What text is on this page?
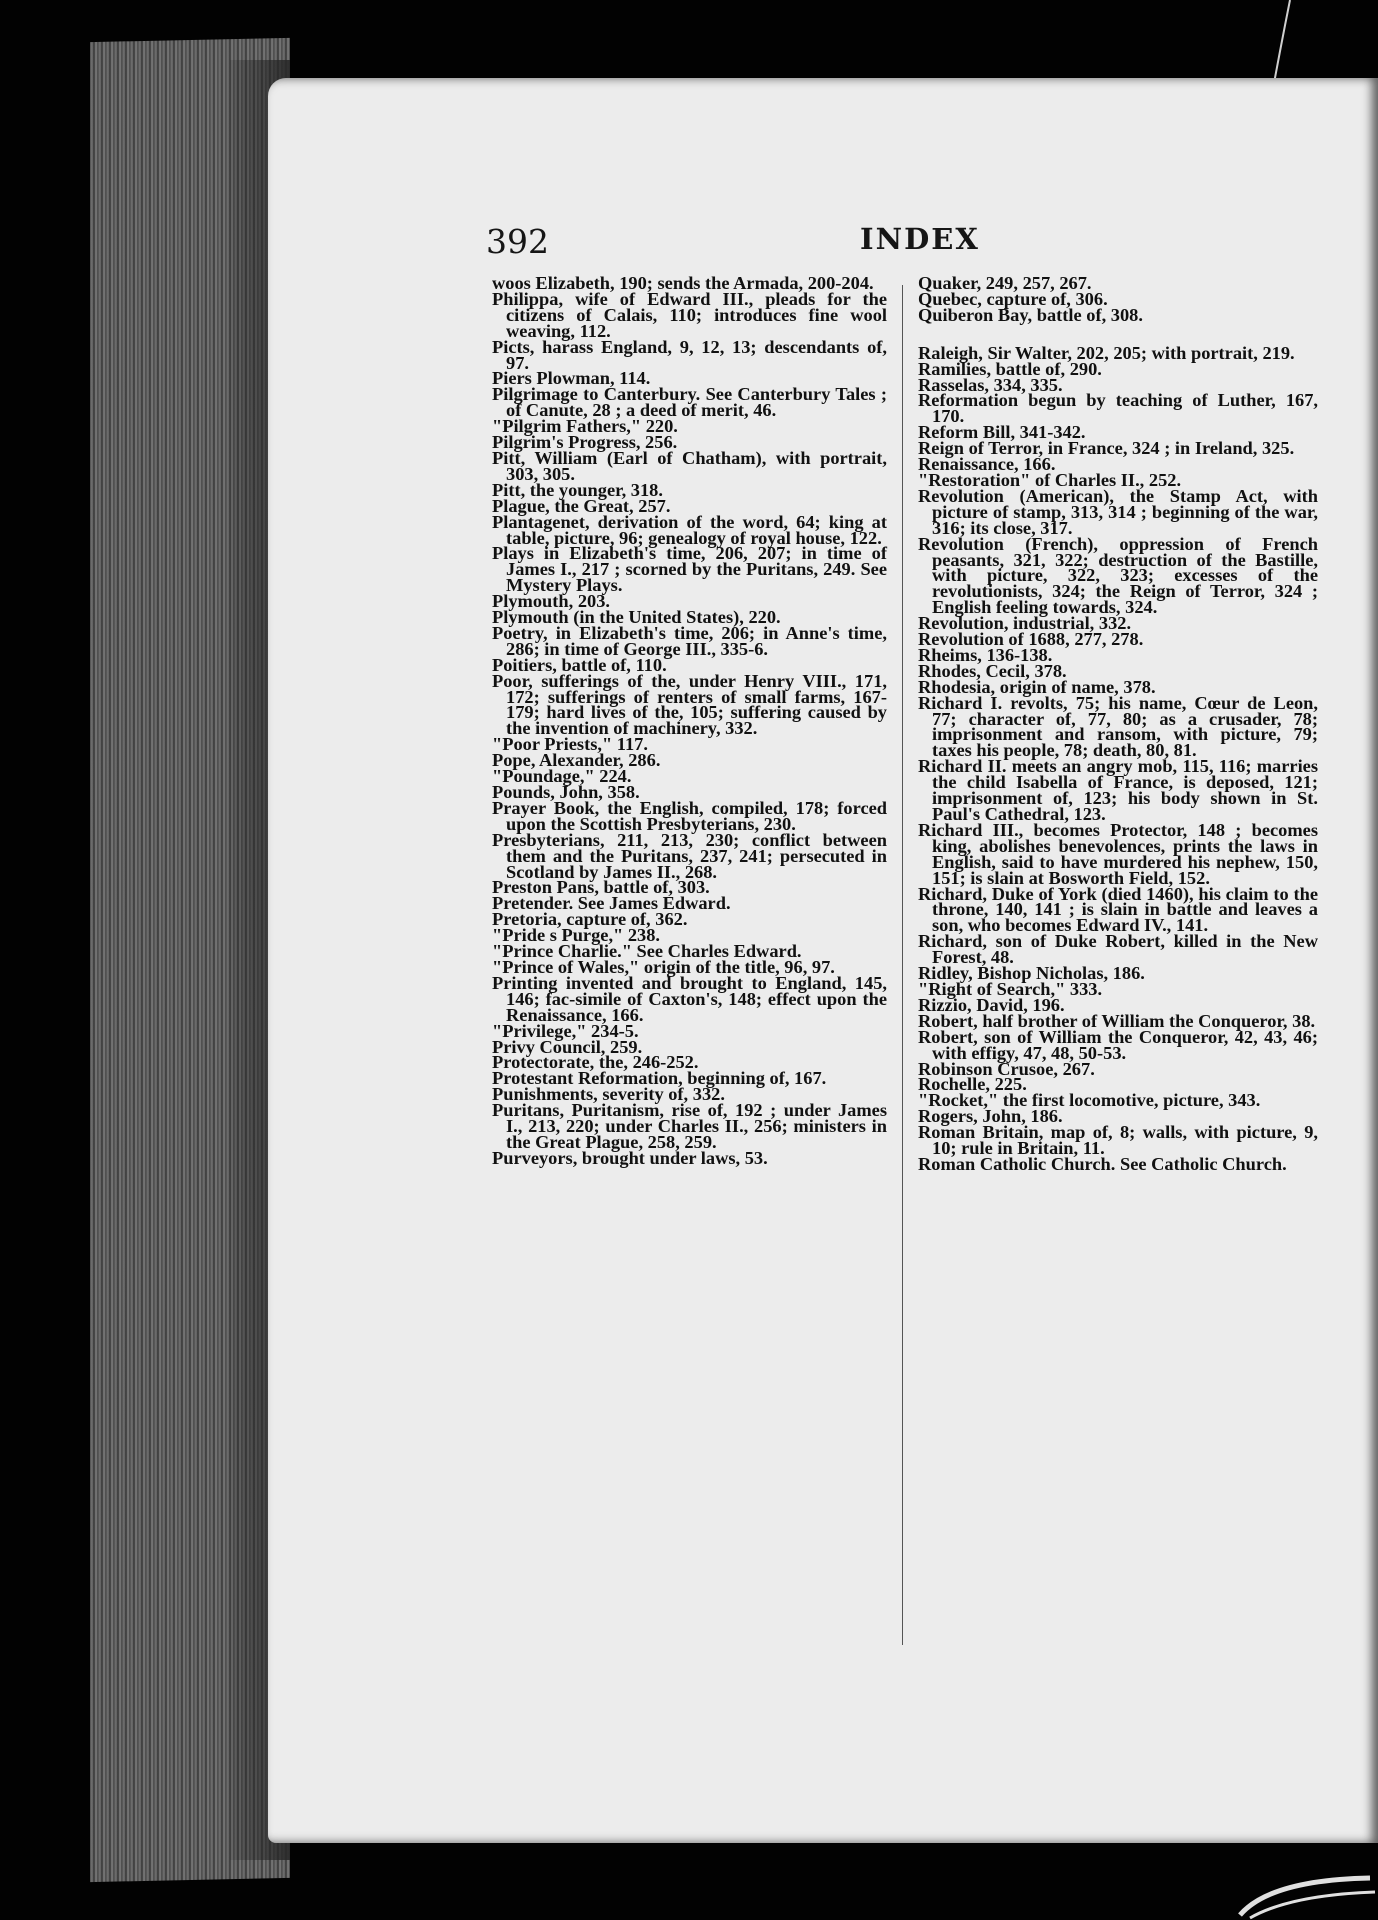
392	INDEX

woos Elizabeth, 190; sends the Armada, 200-204.

Philippa, wife of Edward III., pleads for the citizens of Calais, 110; introduces fine wool weaving, 112.

Picts, harass England, 9, 12, 13; descendants of, 97.

Piers Plowman, 114.

Pilgrimage to Canterbury. See Canterbury Tales ; of Canute, 28 ; a deed of merit, 46.

"Pilgrim Fathers," 220.

Pilgrim's Progress, 256.

Pitt, William (Earl of Chatham), with portrait, 303, 305.

Pitt, the younger, 318.

Plague, the Great, 257.

Plantagenet, derivation of the word, 64; king at table, picture, 96; genealogy of royal house, 122.

Plays in Elizabeth's time, 206, 207; in time of James I., 217 ; scorned by the Puritans, 249. See Mystery Plays.

Plymouth, 203.

Plymouth (in the United States), 220.

Poetry, in Elizabeth's time, 206; in Anne's time, 286; in time of George III., 335-6.

Poitiers, battle of, 110.

Poor, sufferings of the, under Henry VIII., 171, 172; sufferings of renters of small farms, 167-179; hard lives of the, 105; suffering caused by the invention of machinery, 332.

"Poor Priests," 117.

Pope, Alexander, 286.

"Poundage," 224.

Pounds, John, 358.

Prayer Book, the English, compiled, 178; forced upon the Scottish Presbyterians, 230.

Presbyterians, 211, 213, 230; conflict between them and the Puritans, 237, 241; persecuted in Scotland by James II., 268.

Preston Pans, battle of, 303.

Pretender. See James Edward.

Pretoria, capture of, 362.

"Pride s Purge," 238.

"Prince Charlie." See Charles Edward.

"Prince of Wales," origin of the title, 96, 97.

Printing invented and brought to England, 145, 146; fac-simile of Caxton's, 148; effect upon the Renaissance, 166.

"Privilege," 234-5.

Privy Council, 259.

Protectorate, the, 246-252.

Protestant Reformation, beginning of, 167.

Punishments, severity of, 332.

Puritans, Puritanism, rise of, 192 ; under James I., 213, 220; under Charles II., 256; ministers in the Great Plague, 258, 259.

Purveyors, brought under laws, 53.

Quaker, 249, 257, 267.

Quebec, capture of, 306.

Quiberon Bay, battle of, 308.

Raleigh, Sir Walter, 202, 205; with portrait, 219.

Ramilies, battle of, 290.

Rasselas, 334, 335.

Reformation begun by teaching of Luther, 167, 170.

Reform Bill, 341-342.

Reign of Terror, in France, 324 ; in Ireland, 325.

Renaissance, 166.

"Restoration" of Charles II., 252.

Revolution (American), the Stamp Act, with picture of stamp, 313, 314 ; beginning of the war, 316; its close, 317.

Revolution (French), oppression of French peasants, 321, 322; destruction of the Bastille, with picture, 322, 323; excesses of the revolutionists, 324; the Reign of Terror, 324 ; English feeling towards, 324.

Revolution, industrial, 332.

Revolution of 1688, 277, 278.

Rheims, 136-138.

Rhodes, Cecil, 378.

Rhodesia, origin of name, 378.

Richard I. revolts, 75; his name, Cœur de Leon, 77; character of, 77, 80; as a crusader, 78; imprisonment and ransom, with picture, 79; taxes his people, 78; death, 80, 81.

Richard II. meets an angry mob, 115, 116; marries the child Isabella of France, is deposed, 121; imprisonment of, 123; his body shown in St. Paul's Cathedral, 123.

Richard III., becomes Protector, 148 ; becomes king, abolishes benevolences, prints the laws in English, said to have murdered his nephew, 150, 151; is slain at Bosworth Field, 152.

Richard, Duke of York (died 1460), his claim to the throne, 140, 141 ; is slain in battle and leaves a son, who becomes Edward IV., 141.

Richard, son of Duke Robert, killed in the New Forest, 48.

Ridley, Bishop Nicholas, 186.

"Right of Search," 333.

Rizzio, David, 196.

Robert, half brother of William the Conqueror, 38.

Robert, son of William the Conqueror, 42, 43, 46; with effigy, 47, 48, 50-53.

Robinson Crusoe, 267.

Rochelle, 225.

"Rocket," the first locomotive, picture, 343.

Rogers, John, 186.

Roman Britain, map of, 8; walls, with picture, 9, 10; rule in Britain, 11.

Roman Catholic Church. See Catholic Church.
